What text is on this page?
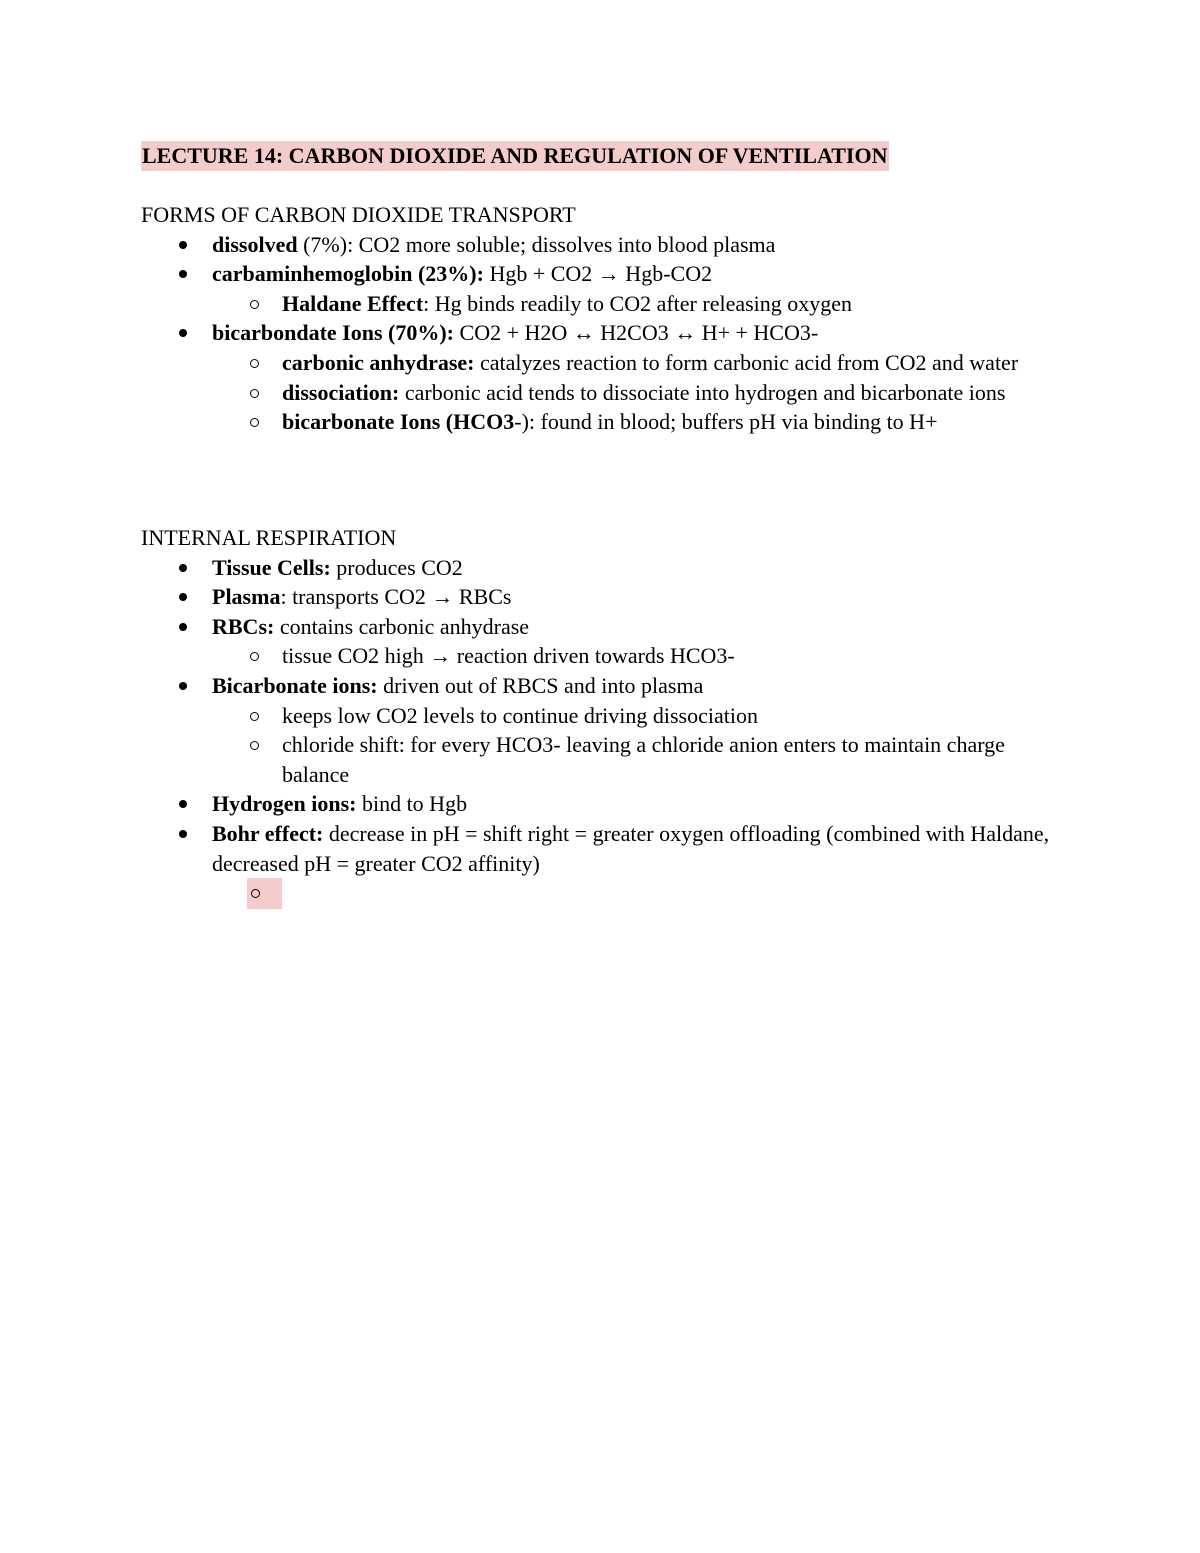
LECTURE 14: CARBON DIOXIDE AND REGULATION OF VENTILATION
FORMS OF CARBON DIOXIDE TRANSPORT
dissolved (7%): CO2 more soluble; dissolves into blood plasma
carbaminhemoglobin (23%): Hgb + CO2 → Hgb-CO2
Haldane Effect: Hg binds readily to CO2 after releasing oxygen
bicarbondate Ions (70%): CO2 + H2O ↔ H2CO3 ↔ H+ + HCO3-
carbonic anhydrase: catalyzes reaction to form carbonic acid from CO2 and water
dissociation: carbonic acid tends to dissociate into hydrogen and bicarbonate ions
bicarbonate Ions (HCO3-): found in blood; buffers pH via binding to H+
INTERNAL RESPIRATION
Tissue Cells: produces CO2
Plasma: transports CO2 → RBCs
RBCs: contains carbonic anhydrase
tissue CO2 high → reaction driven towards HCO3-
Bicarbonate ions: driven out of RBCS and into plasma
keeps low CO2 levels to continue driving dissociation
chloride shift: for every HCO3- leaving a chloride anion enters to maintain charge balance
Hydrogen ions: bind to Hgb
Bohr effect: decrease in pH = shift right = greater oxygen offloading (combined with Haldane, decreased pH = greater CO2 affinity)
